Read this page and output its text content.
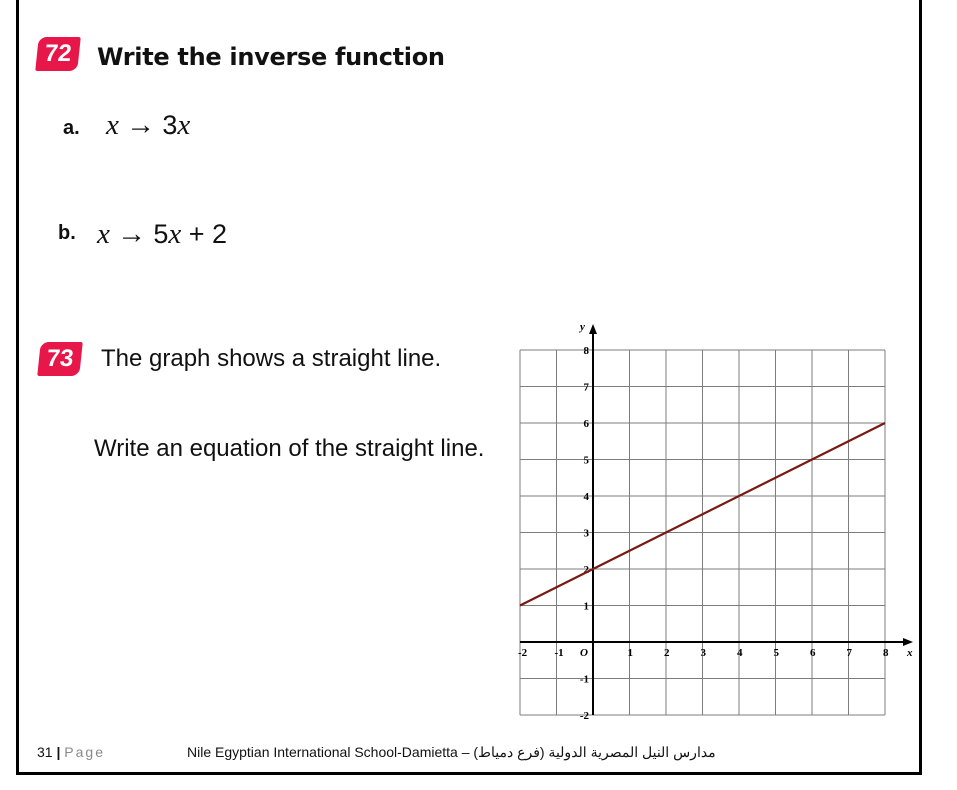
72	Write the inverse function
a. x → 3x
b. x → 5x + 2
73	The graph shows a straight line.
Write an equation of the straight line.
x
y
-2 -1 O	1	2	3	4	5	6	7	8
8
7
6
5
4
3
2
1
-1
-2
31 | Page	Nile Egyptian International School-Damietta – مدارس النيل المصرية الدولية (فرع دمياط)
